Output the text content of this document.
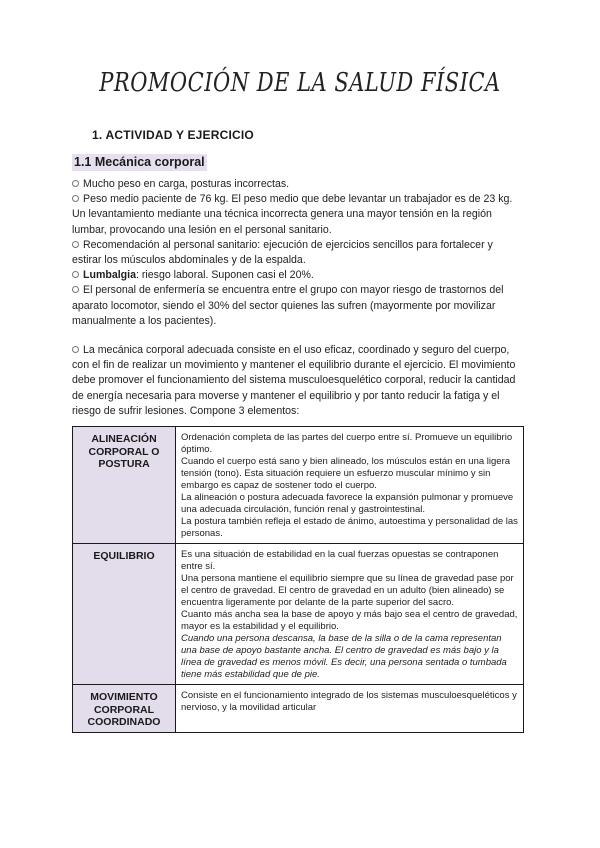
PROMOCIÓN DE LA SALUD FÍSICA
1. ACTIVIDAD Y EJERCICIO
1.1 Mecánica corporal
Mucho peso en carga, posturas incorrectas.
Peso medio paciente de 76 kg. El peso medio que debe levantar un trabajador es de 23 kg. Un levantamiento mediante una técnica incorrecta genera una mayor tensión en la región lumbar, provocando una lesión en el personal sanitario.
Recomendación al personal sanitario: ejecución de ejercicios sencillos para fortalecer y estirar los músculos abdominales y de la espalda.
Lumbalgia: riesgo laboral. Suponen casi el 20%.
El personal de enfermería se encuentra entre el grupo con mayor riesgo de trastornos del aparato locomotor, siendo el 30% del sector quienes las sufren (mayormente por movilizar manualmente a los pacientes).
La mecánica corporal adecuada consiste en el uso eficaz, coordinado y seguro del cuerpo, con el fin de realizar un movimiento y mantener el equilibrio durante el ejercicio. El movimiento debe promover el funcionamiento del sistema musculoesquelético corporal, reducir la cantidad de energía necesaria para moverse y mantener el equilibrio y por tanto reducir la fatiga y el riesgo de sufrir lesiones. Compone 3 elementos:
ALINEACIÓN CORPORAL O POSTURA	Ordenación completa de las partes del cuerpo entre sí. Promueve un equilibrio óptimo.

Cuando el cuerpo está sano y bien alineado, los músculos están en una ligera tensión (tono). Esta situación requiere un esfuerzo muscular mínimo y sin embargo es capaz de sostener todo el cuerpo.

La alineación o postura adecuada favorece la expansión pulmonar y promueve una adecuada circulación, función renal y gastrointestinal.

La postura también refleja el estado de ánimo, autoestima y personalidad de las personas.

EQUILIBRIO	Es una situación de estabilidad en la cual fuerzas opuestas se contraponen entre sí.

Una persona mantiene el equilibrio siempre que su línea de gravedad pase por el centro de gravedad. El centro de gravedad en un adulto (bien alineado) se encuentra ligeramente por delante de la parte superior del sacro.

Cuanto más ancha sea la base de apoyo y más bajo sea el centro de gravedad, mayor es la estabilidad y el equilibrio.

Cuando una persona descansa, la base de la silla o de la cama representan una base de apoyo bastante ancha. El centro de gravedad es más bajo y la línea de gravedad es menos móvil. Es decir, una persona sentada o tumbada tiene más estabilidad que de pie.

MOVIMIENTO CORPORAL COORDINADO	Consiste en el funcionamiento integrado de los sistemas musculoesqueléticos y nervioso, y la movilidad articular
